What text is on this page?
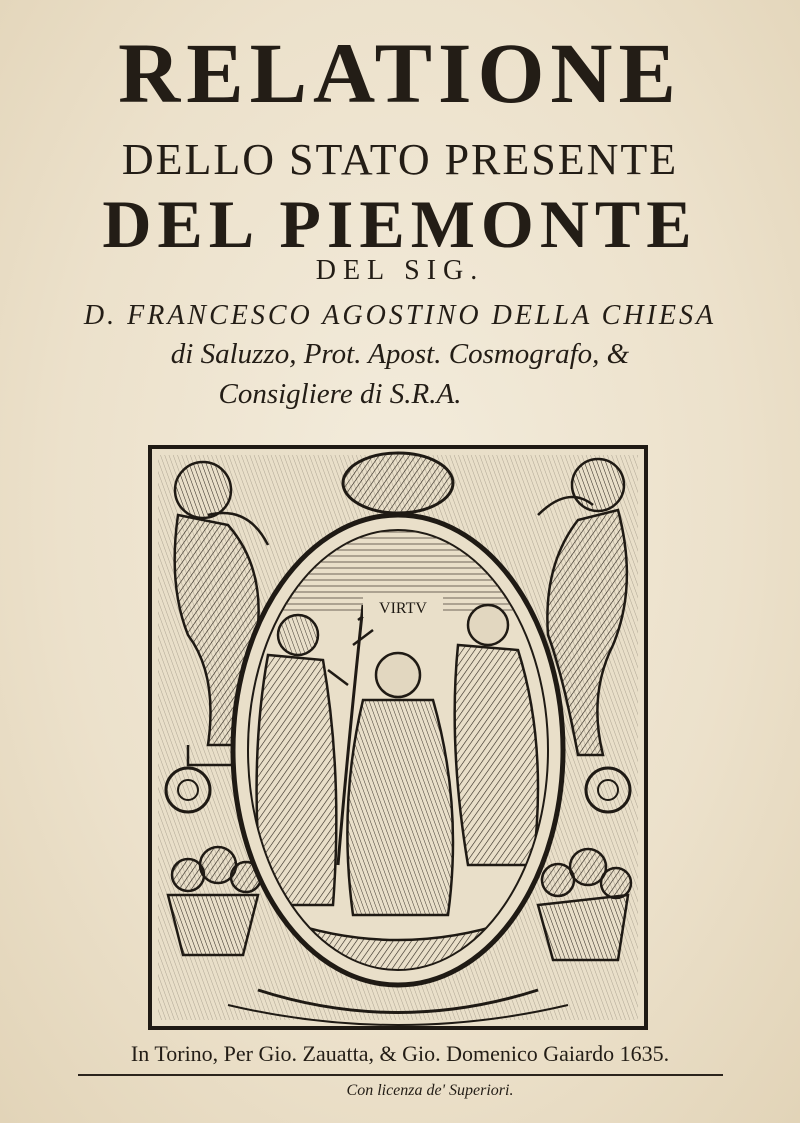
RELATIONE
DELLO STATO PRESENTE
DEL PIEMONTE
DEL SIG.
D. FRANCESCO AGOSTINO DELLA CHIESA
di Saluzzo, Prot. Apost. Cosmografo, &
Consigliere di S.R.A.
VIRTV
In Torino, Per Gio. Zauatta, & Gio. Domenico Gaiardo 1635.
Con licenza de' Superiori.
